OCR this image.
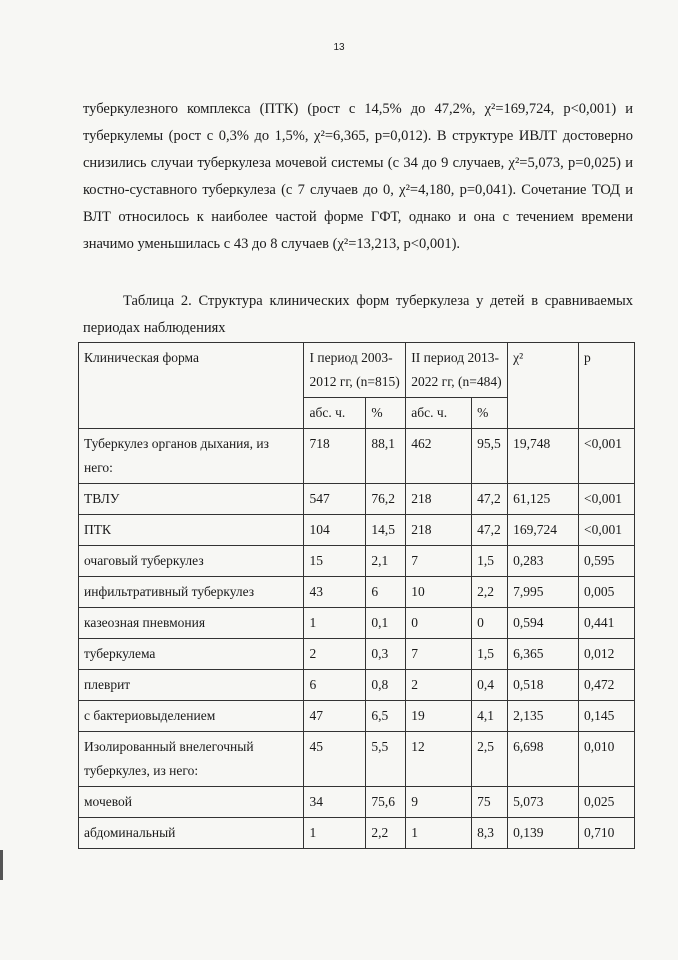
13

туберкулезного комплекса (ПТК) (рост с 14,5% до 47,2%, χ²=169,724, р<0,001) и туберкулемы (рост с 0,3% до 1,5%, χ²=6,365, р=0,012). В структуре ИВЛТ достоверно снизились случаи туберкулеза мочевой системы (с 34 до 9 случаев, χ²=5,073, р=0,025) и костно-суставного туберкулеза (с 7 случаев до 0, χ²=4,180, р=0,041). Сочетание ТОД и ВЛТ относилось к наиболее частой форме ГФТ, однако и она с течением времени значимо уменьшилась с 43 до 8 случаев (χ²=13,213, р<0,001).

Таблица 2. Структура клинических форм туберкулеза у детей в сравниваемых периодах наблюдениях

Клиническая форма	I период 2003-2012 гг, (n=815)		II период 2013-2022 гг, (n=484)		χ²	р
	абс. ч.	%	абс. ч.	%		
Туберкулез органов дыхания, из него:	718	88,1	462	95,5	19,748	<0,001
ТВЛУ	547	76,2	218	47,2	61,125	<0,001
ПТК	104	14,5	218	47,2	169,724	<0,001
очаговый туберкулез	15	2,1	7	1,5	0,283	0,595
инфильтративный туберкулез	43	6	10	2,2	7,995	0,005
казеозная пневмония	1	0,1	0	0	0,594	0,441
туберкулема	2	0,3	7	1,5	6,365	0,012
плеврит	6	0,8	2	0,4	0,518	0,472
с бактериовыделением	47	6,5	19	4,1	2,135	0,145
Изолированный внелегочный туберкулез, из него:	45	5,5	12	2,5	6,698	0,010
мочевой	34	75,6	9	75	5,073	0,025
абдоминальный	1	2,2	1	8,3	0,139	0,710
